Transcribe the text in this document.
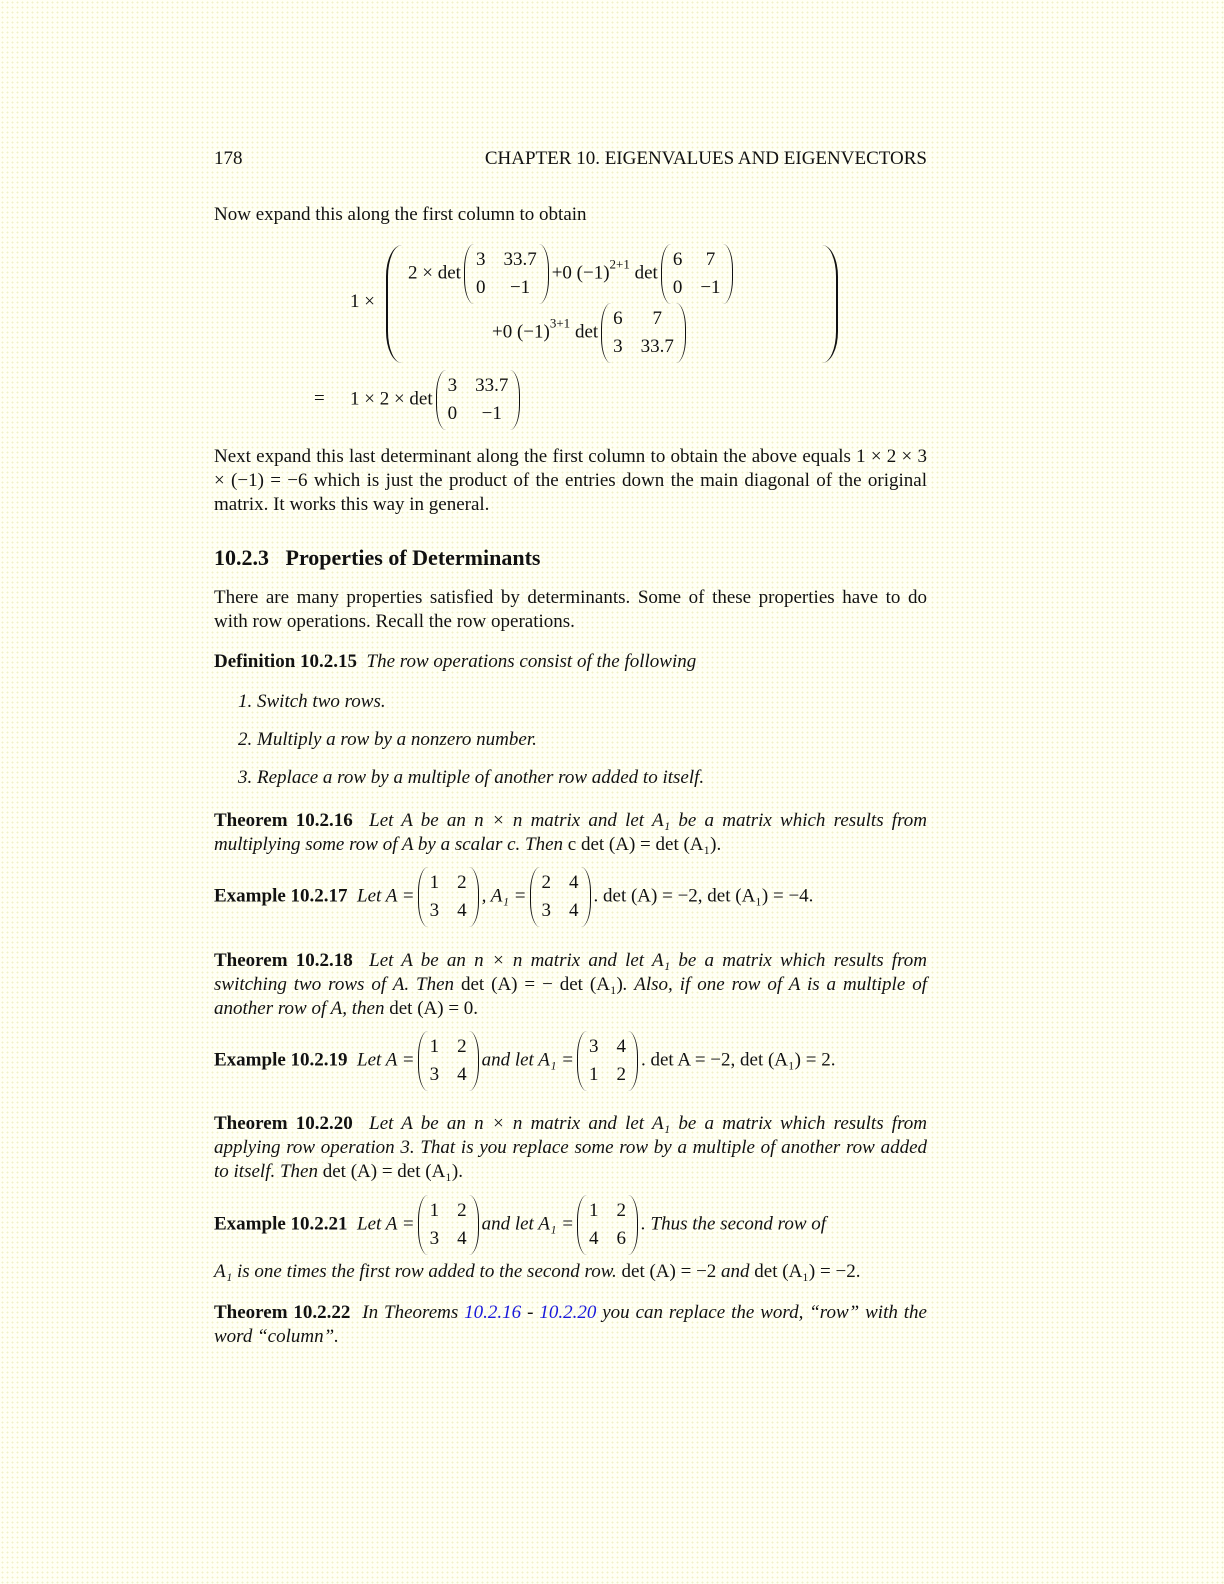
178	CHAPTER 10. EIGENVALUES AND EIGENVECTORS
Now expand this along the first column to obtain
1 ×
2 × det
3 33.7
0	−1
+0 $(-1)^{2+1}$ det
6 7
0 −1
+0 $(-1)^{3+1}$ det
6	7
3 33.7
= 1 × 2 × det
3 33.7
0	−1
Next expand this last determinant along the first column to obtain the above equals 1 × 2 × 3 × (−1) = −6 which is just the product of the entries down the main diagonal of the original matrix. It works this way in general.
10.2.3 Properties of Determinants
There are many properties satisfied by determinants. Some of these properties have to do with row operations. Recall the row operations.
Definition 10.2.15 The row operations consist of the following
1. Switch two rows.
2. Multiply a row by a nonzero number.
3. Replace a row by a multiple of another row added to itself.
Theorem 10.2.16 Let A be an n × n matrix and let A₁ be a matrix which results from multiplying some row of A by a scalar c. Then c det (A) = det (A₁).
Example 10.2.17 Let A =
1 2
3 4
, A₁ =
2 4
3 4
. det (A) = −2, det (A₁) = −4.
Theorem 10.2.18 Let A be an n × n matrix and let A₁ be a matrix which results from switching two rows of A. Then det (A) = − det (A₁). Also, if one row of A is a multiple of another row of A, then det (A) = 0.
Example 10.2.19 Let A =
1 2
3 4
and let A₁ =
3 4
1 2
. det A = −2, det (A₁) = 2.
Theorem 10.2.20 Let A be an n × n matrix and let A₁ be a matrix which results from applying row operation 3. That is you replace some row by a multiple of another row added to itself. Then det (A) = det (A₁).
Example 10.2.21 Let A =
1 2
3 4
and let A₁ =
1 2
4 6
. Thus the second row of
A₁ is one times the first row added to the second row. det (A) = −2 and det (A₁) = −2.
Theorem 10.2.22 In Theorems 10.2.16 - 10.2.20 you can replace the word, “row” with the word “column”.
